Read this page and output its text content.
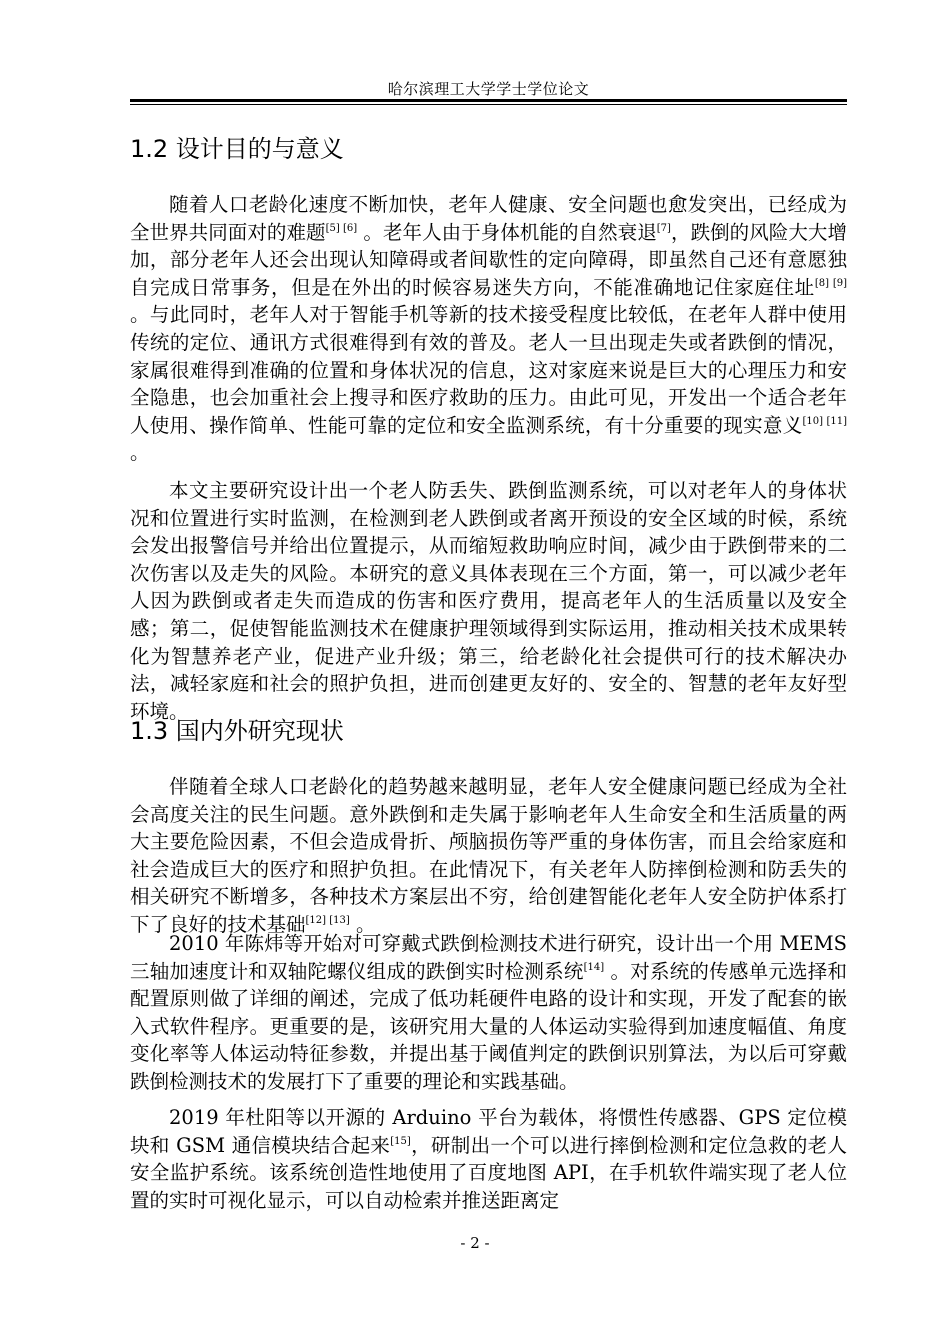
哈尔滨理工大学学士学位论文
1.2 设计目的与意义

随着人口老龄化速度不断加快，老年人健康、安全问题也愈发突出，已经成为全世界共同面对的难题[5] [6] 。老年人由于身体机能的自然衰退[7]，跌倒的风险大大增加，部分老年人还会出现认知障碍或者间歇性的定向障碍，即虽然自己还有意愿独自完成日常事务，但是在外出的时候容易迷失方向，不能准确地记住家庭住址[8] [9] 。与此同时，老年人对于智能手机等新的技术接受程度比较低，在老年人群中使用传统的定位、通讯方式很难得到有效的普及。老人一旦出现走失或者跌倒的情况，家属很难得到准确的位置和身体状况的信息，这对家庭来说是巨大的心理压力和安全隐患，也会加重社会上搜寻和医疗救助的压力。由此可见，开发出一个适合老年人使用、操作简单、性能可靠的定位和安全监测系统，有十分重要的现实意义[10] [11] 。

本文主要研究设计出一个老人防丢失、跌倒监测系统，可以对老年人的身体状况和位置进行实时监测，在检测到老人跌倒或者离开预设的安全区域的时候，系统会发出报警信号并给出位置提示，从而缩短救助响应时间，减少由于跌倒带来的二次伤害以及走失的风险。本研究的意义具体表现在三个方面，第一，可以减少老年人因为跌倒或者走失而造成的伤害和医疗费用，提高老年人的生活质量以及安全感；第二，促使智能监测技术在健康护理领域得到实际运用，推动相关技术成果转化为智慧养老产业，促进产业升级；第三，给老龄化社会提供可行的技术解决办法，减轻家庭和社会的照护负担，进而创建更友好的、安全的、智慧的老年友好型环境。

1.3 国内外研究现状

伴随着全球人口老龄化的趋势越来越明显，老年人安全健康问题已经成为全社会高度关注的民生问题。意外跌倒和走失属于影响老年人生命安全和生活质量的两大主要危险因素，不但会造成骨折、颅脑损伤等严重的身体伤害，而且会给家庭和社会造成巨大的医疗和照护负担。在此情况下，有关老年人防摔倒检测和防丢失的相关研究不断增多，各种技术方案层出不穷，给创建智能化老年人安全防护体系打下了良好的技术基础[12] [13] 。

2010 年陈炜等开始对可穿戴式跌倒检测技术进行研究，设计出一个用 MEMS 三轴加速度计和双轴陀螺仪组成的跌倒实时检测系统[14] 。对系统的传感单元选择和配置原则做了详细的阐述，完成了低功耗硬件电路的设计和实现，开发了配套的嵌入式软件程序。更重要的是，该研究用大量的人体运动实验得到加速度幅值、角度变化率等人体运动特征参数，并提出基于阈值判定的跌倒识别算法，为以后可穿戴跌倒检测技术的发展打下了重要的理论和实践基础。

2019 年杜阳等以开源的 Arduino 平台为载体，将惯性传感器、GPS 定位模块和 GSM 通信模块结合起来[15]，研制出一个可以进行摔倒检测和定位急救的老人安全监护系统。该系统创造性地使用了百度地图 API，在手机软件端实现了老人位置的实时可视化显示，可以自动检索并推送距离定

- 2 -
